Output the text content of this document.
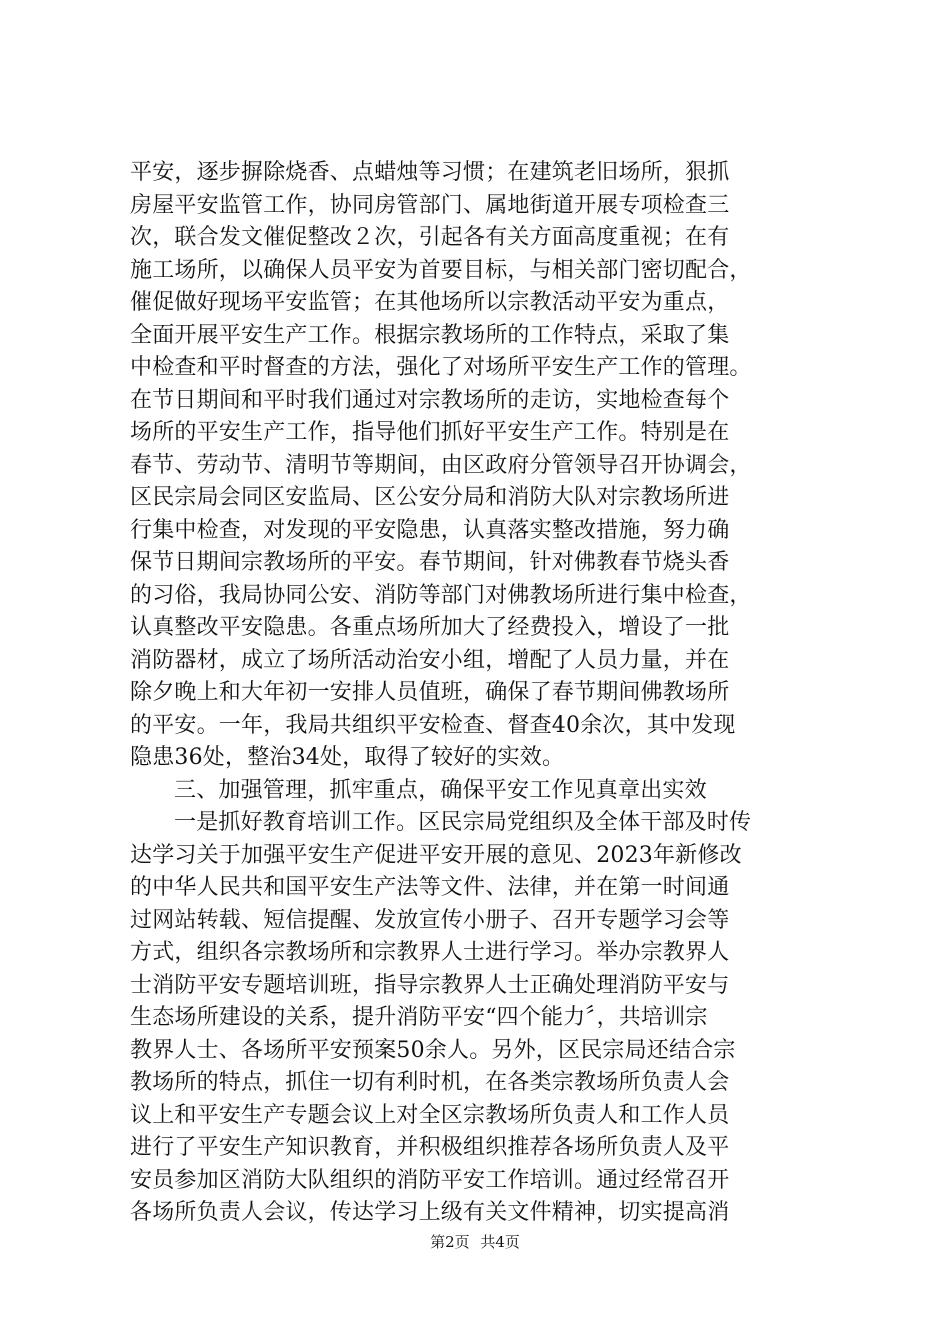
平安，逐步摒除烧香、点蜡烛等习惯；在建筑老旧场所，狠抓
房屋平安监管工作，协同房管部门、属地街道开展专项检查三
次，联合发文催促整改２次，引起各有关方面高度重视；在有
施工场所，以确保人员平安为首要目标，与相关部门密切配合，
催促做好现场平安监管；在其他场所以宗教活动平安为重点，
全面开展平安生产工作。根据宗教场所的工作特点，采取了集
中检查和平时督查的方法，强化了对场所平安生产工作的管理。
在节日期间和平时我们通过对宗教场所的走访，实地检查每个
场所的平安生产工作，指导他们抓好平安生产工作。特别是在
春节、劳动节、清明节等期间，由区政府分管领导召开协调会，
区民宗局会同区安监局、区公安分局和消防大队对宗教场所进
行集中检查，对发现的平安隐患，认真落实整改措施，努力确
保节日期间宗教场所的平安。春节期间，针对佛教春节烧头香
的习俗，我局协同公安、消防等部门对佛教场所进行集中检查，
认真整改平安隐患。各重点场所加大了经费投入，增设了一批
消防器材，成立了场所活动治安小组，增配了人员力量，并在
除夕晚上和大年初一安排人员值班，确保了春节期间佛教场所
的平安。一年，我局共组织平安检查、督查40余次，其中发现
隐患36处，整治34处，取得了较好的实效。
三、加强管理，抓牢重点，确保平安工作见真章出实效
一是抓好教育培训工作。区民宗局党组织及全体干部及时传
达学习关于加强平安生产促进平安开展的意见、2023年新修改
的中华人民共和国平安生产法等文件、法律，并在第一时间通
过网站转载、短信提醒、发放宣传小册子、召开专题学习会等
方式，组织各宗教场所和宗教界人士进行学习。举办宗教界人
士消防平安专题培训班，指导宗教界人士正确处理消防平安与
生态场所建设的关系，提升消防平安“四个能力〞，共培训宗
教界人士、各场所平安预案50余人。另外，区民宗局还结合宗
教场所的特点，抓住一切有利时机，在各类宗教场所负责人会
议上和平安生产专题会议上对全区宗教场所负责人和工作人员
进行了平安生产知识教育，并积极组织推荐各场所负责人及平
安员参加区消防大队组织的消防平安工作培训。通过经常召开
各场所负责人会议，传达学习上级有关文件精神，切实提高消
第2页 共4页
